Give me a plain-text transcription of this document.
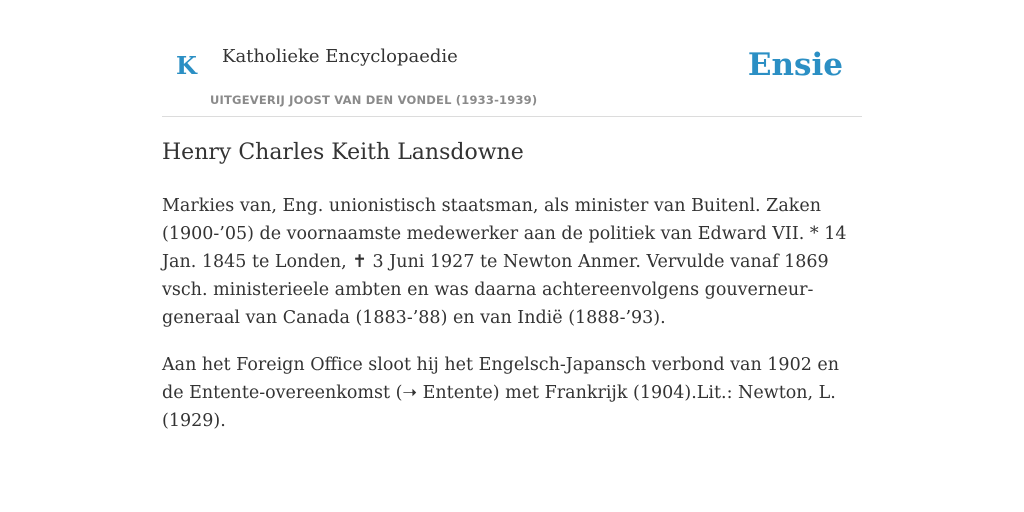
K Katholieke Encyclopaedie
UITGEVERIJ JOOST VAN DEN VONDEL (1933-1939)
Ensie
Henry Charles Keith Lansdowne

Markies van, Eng. unionistisch staatsman, als minister van Buitenl. Zaken (1900-’05) de voornaamste medewerker aan de politiek van Edward VII. * 14 Jan. 1845 te Londen, ✝ 3 Juni 1927 te Newton Anmer. Vervulde vanaf 1869 vsch. ministerieele ambten en was daarna achtereenvolgens gouverneur-generaal van Canada (1883-’88) en van Indië (1888-’93).

Aan het Foreign Office sloot hij het Engelsch-Japansch verbond van 1902 en de Entente-overeenkomst (➝ Entente) met Frankrijk (1904).Lit.: Newton, L. (1929).
